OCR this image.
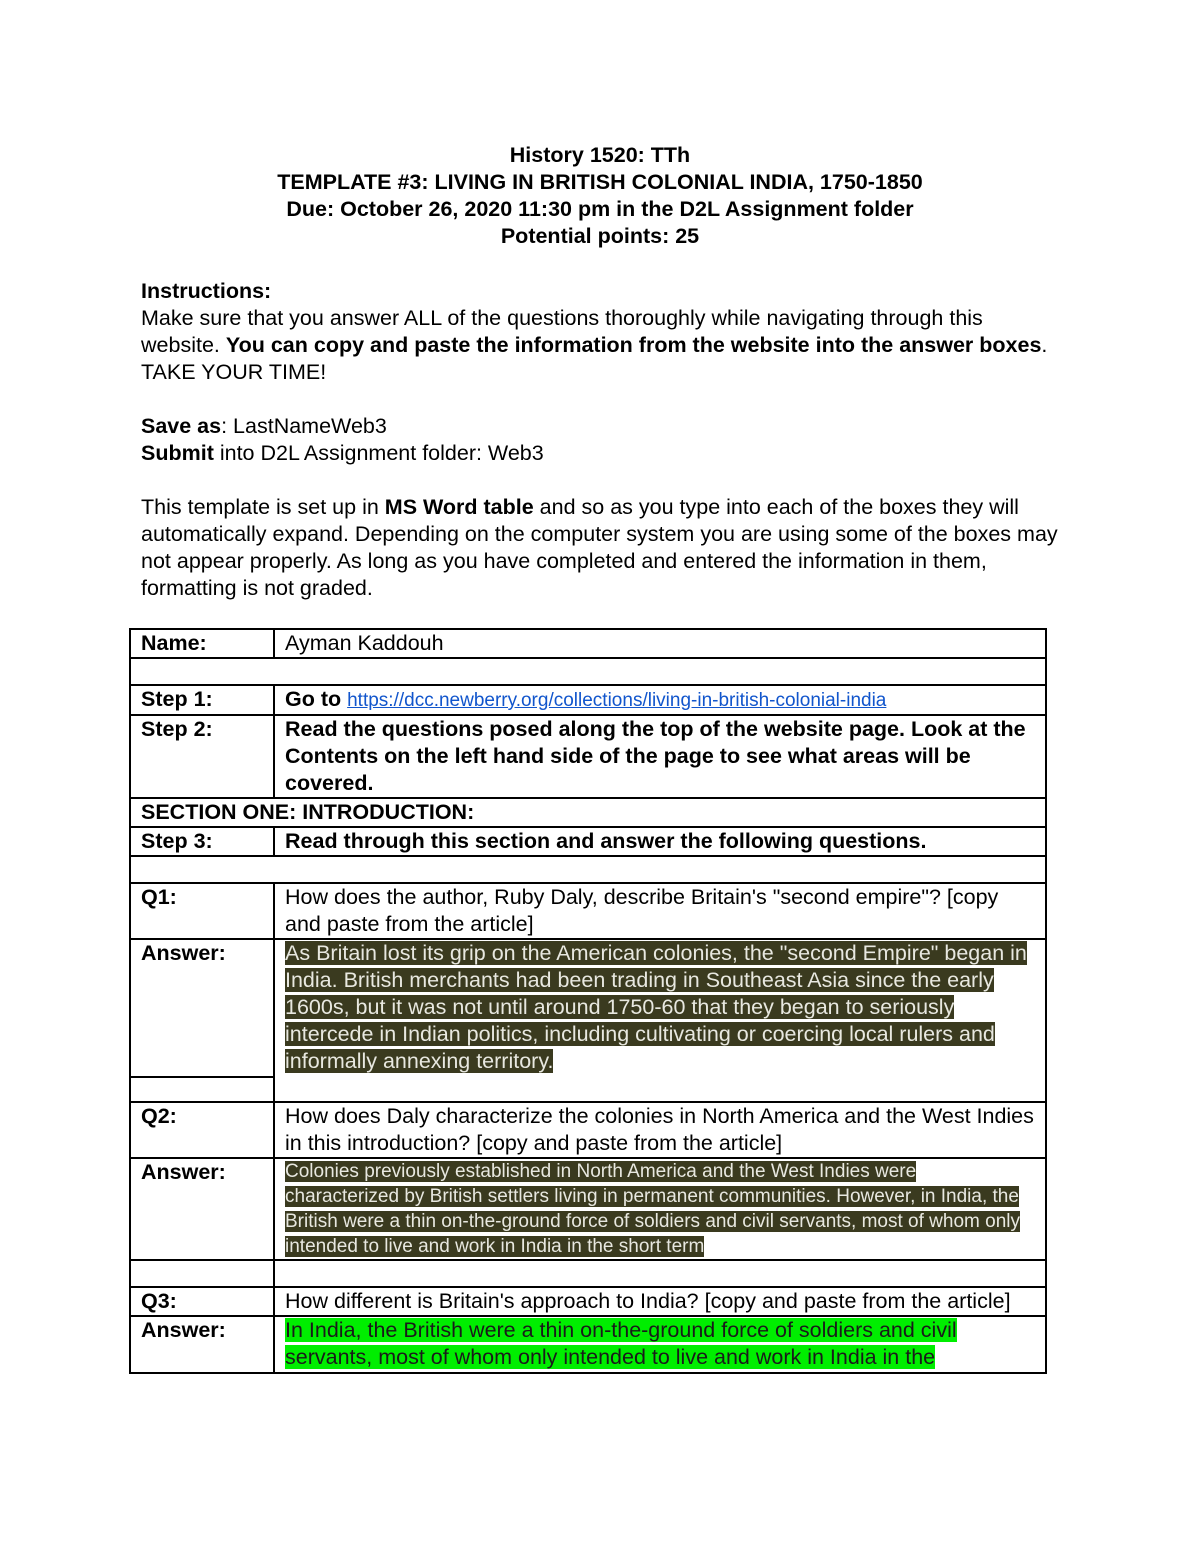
History 1520: TTh
TEMPLATE #3: LIVING IN BRITISH COLONIAL INDIA, 1750-1850
Due: October 26, 2020 11:30 pm in the D2L Assignment folder
Potential points: 25

Instructions:

Make sure that you answer ALL of the questions thoroughly while navigating through this website. You can copy and paste the information from the website into the answer boxes. TAKE YOUR TIME!

Save as: LastNameWeb3

Submit into D2L Assignment folder: Web3

This template is set up in MS Word table and so as you type into each of the boxes they will automatically expand. Depending on the computer system you are using some of the boxes may not appear properly. As long as you have completed and entered the information in them, formatting is not graded.

Name:	Ayman Kaddouh

Step 1:	Go to https://dcc.newberry.org/collections/living-in-british-colonial-india
Step 2:	Read the questions posed along the top of the website page. Look at the Contents on the left hand side of the page to see what areas will be covered.
SECTION ONE: INTRODUCTION:	
Step 3:	Read through this section and answer the following questions.

Q1:	How does the author, Ruby Daly, describe Britain's "second empire"? [copy and paste from the article]
Answer:	As Britain lost its grip on the American colonies, the "second Empire" began in India. British merchants had been trading in Southeast Asia since the early 1600s, but it was not until around 1750-60 that they began to seriously intercede in Indian politics, including cultivating or coercing local rulers and informally annexing territory.

Q2:	How does Daly characterize the colonies in North America and the West Indies in this introduction? [copy and paste from the article]
Answer:	Colonies previously established in North America and the West Indies were characterized by British settlers living in permanent communities. However, in India, the British were a thin on-the-ground force of soldiers and civil servants, most of whom only intended to live and work in India in the short term

Q3:	How different is Britain's approach to India? [copy and paste from the article]
Answer:	In India, the British were a thin on-the-ground force of soldiers and civil servants, most of whom only intended to live and work in India in the
